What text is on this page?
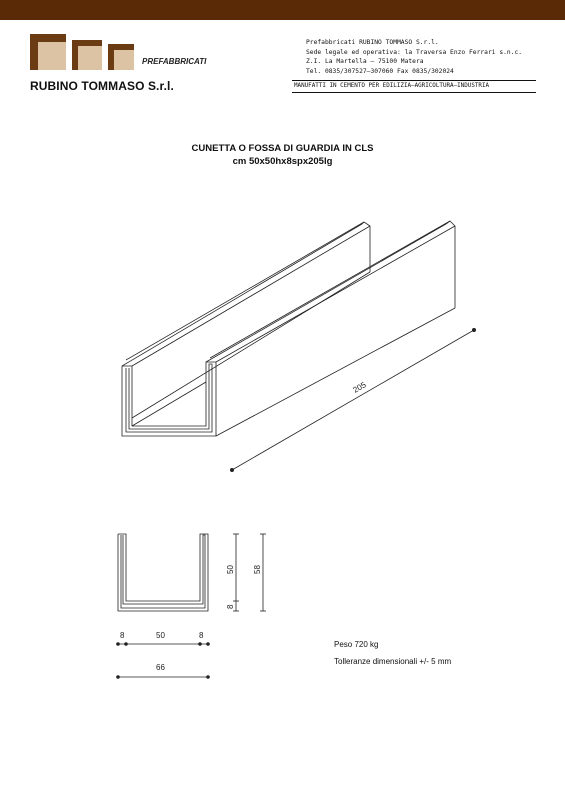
PREFABBRICATI
RUBINO TOMMASO S.r.l.
Prefabbricati RUBINO TOMMASO S.r.l.
Sede legale ed operativa: la Traversa Enzo Ferrari s.n.c.
Z.I. La Martella — 75100 Matera
Tel. 0835/307527–307060 Fax 0835/302024
MANUFATTI IN CEMENTO PER EDILIZIA—AGRICOLTURA—INDUSTRIA
CUNETTA O FOSSA DI GUARDIA IN CLS
cm 50x50hx8spx205lg
205
50
8
58
8	50	8
66
Peso 720 kg
Tolleranze dimensionali +/- 5 mm
